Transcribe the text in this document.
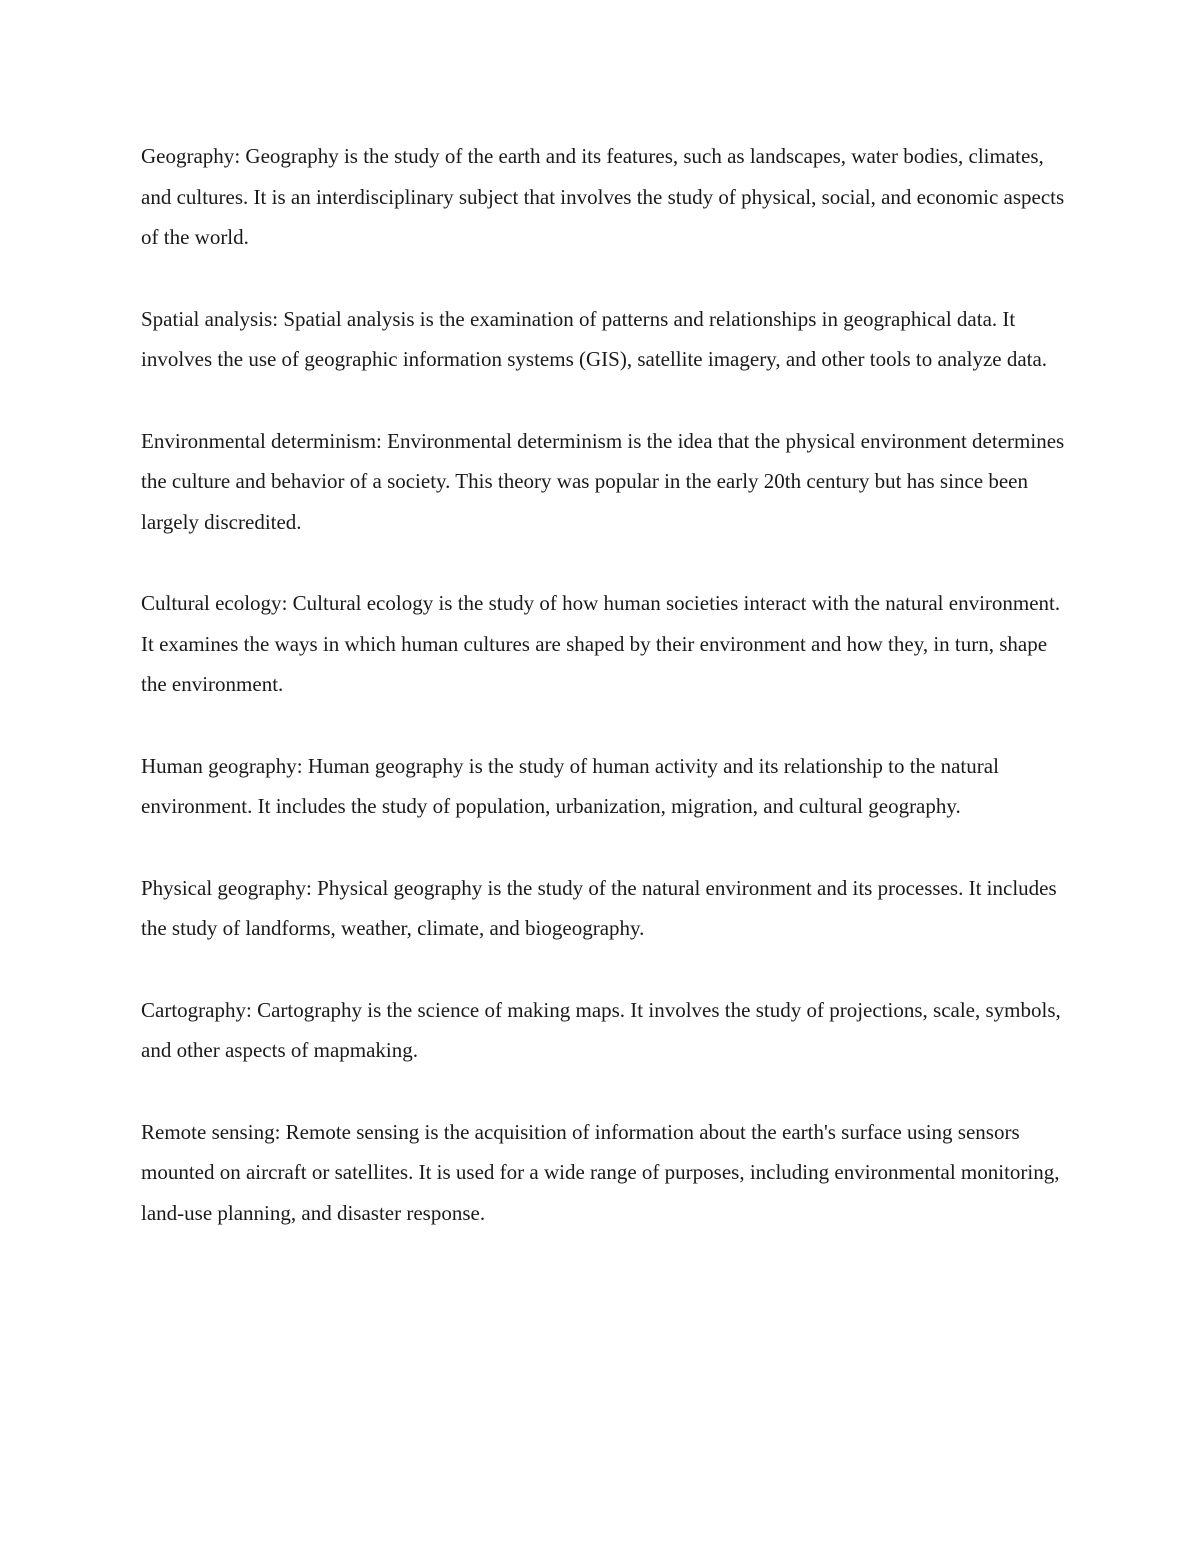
Geography: Geography is the study of the earth and its features, such as landscapes, water bodies, climates, and cultures. It is an interdisciplinary subject that involves the study of physical, social, and economic aspects of the world.

Spatial analysis: Spatial analysis is the examination of patterns and relationships in geographical data. It involves the use of geographic information systems (GIS), satellite imagery, and other tools to analyze data.

Environmental determinism: Environmental determinism is the idea that the physical environment determines the culture and behavior of a society. This theory was popular in the early 20th century but has since been largely discredited.

Cultural ecology: Cultural ecology is the study of how human societies interact with the natural environment. It examines the ways in which human cultures are shaped by their environment and how they, in turn, shape the environment.

Human geography: Human geography is the study of human activity and its relationship to the natural environment. It includes the study of population, urbanization, migration, and cultural geography.

Physical geography: Physical geography is the study of the natural environment and its processes. It includes the study of landforms, weather, climate, and biogeography.

Cartography: Cartography is the science of making maps. It involves the study of projections, scale, symbols, and other aspects of mapmaking.

Remote sensing: Remote sensing is the acquisition of information about the earth's surface using sensors mounted on aircraft or satellites. It is used for a wide range of purposes, including environmental monitoring, land-use planning, and disaster response.
